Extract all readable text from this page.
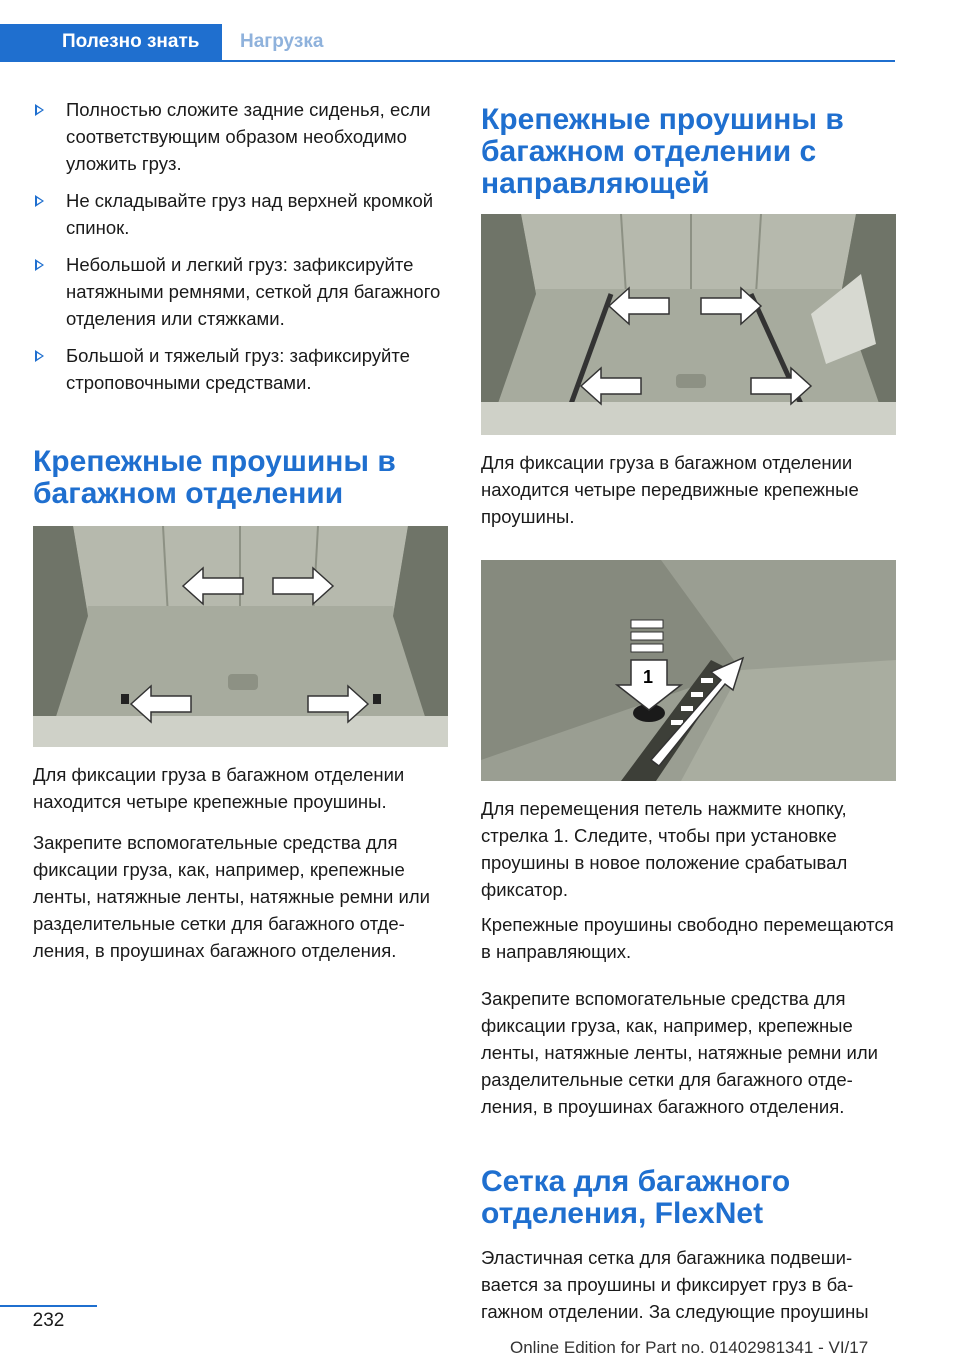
Полезно знать	Нагрузка
Полностью сложите задние сиденья, если соответствующим образом необходимо уложить груз.
Не складывайте груз над верхней кромкой спинок.
Небольшой и легкий груз: зафиксируйте натяжными ремнями, сеткой для багажного отделения или стяжками.
Большой и тяжелый груз: зафиксируйте строповочными средствами.
Крепежные проушины в багажном отделении

Для фиксации груза в багажном отделении находится четыре крепежные проушины.

Закрепите вспомогательные средства для фиксации груза, как, например, крепежные ленты, натяжные ленты, натяжные ремни или разделительные сетки для багажного отделения, в проушинах багажного отделения.

Крепежные проушины в багажном отделении с направляющей

Для фиксации груза в багажном отделении находится четыре передвижные крепежные проушины.

1

Для перемещения петель нажмите кнопку, стрелка 1. Следите, чтобы при установке проушины в новое положение срабатывал фиксатор.

Крепежные проушины свободно перемещаются в направляющих.

Закрепите вспомогательные средства для фиксации груза, как, например, крепежные ленты, натяжные ленты, натяжные ремни или разделительные сетки для багажного отделения, в проушинах багажного отделения.

Сетка для багажного отделения, FlexNet

Эластичная сетка для багажника подвешивается за проушины и фиксирует груз в багажном отделении. За следующие проушины

232
Online Edition for Part no. 01402981341 - VI/17
